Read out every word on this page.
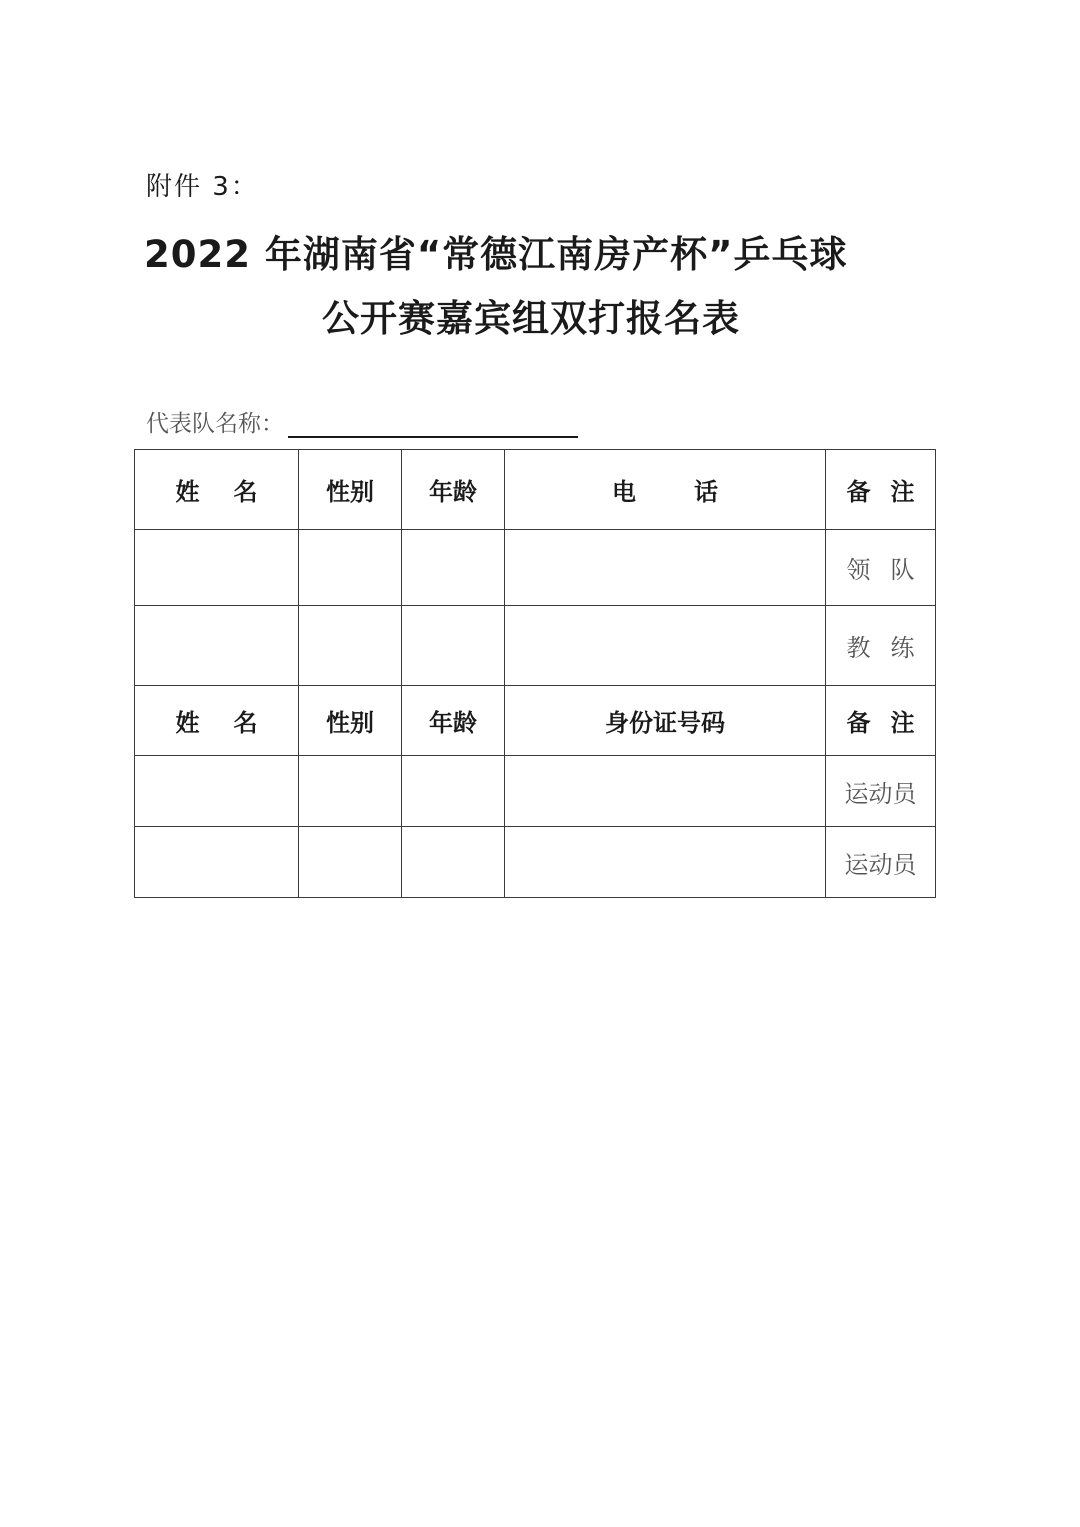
附件 3：
2022 年湖南省“常德江南房产杯”乒乓球
公开赛嘉宾组双打报名表
代表队名称：
姓名	性别	年龄	电话	备注
				领队
				教练
姓名	性别	年龄	身份证号码	备注
				运动员
				运动员
